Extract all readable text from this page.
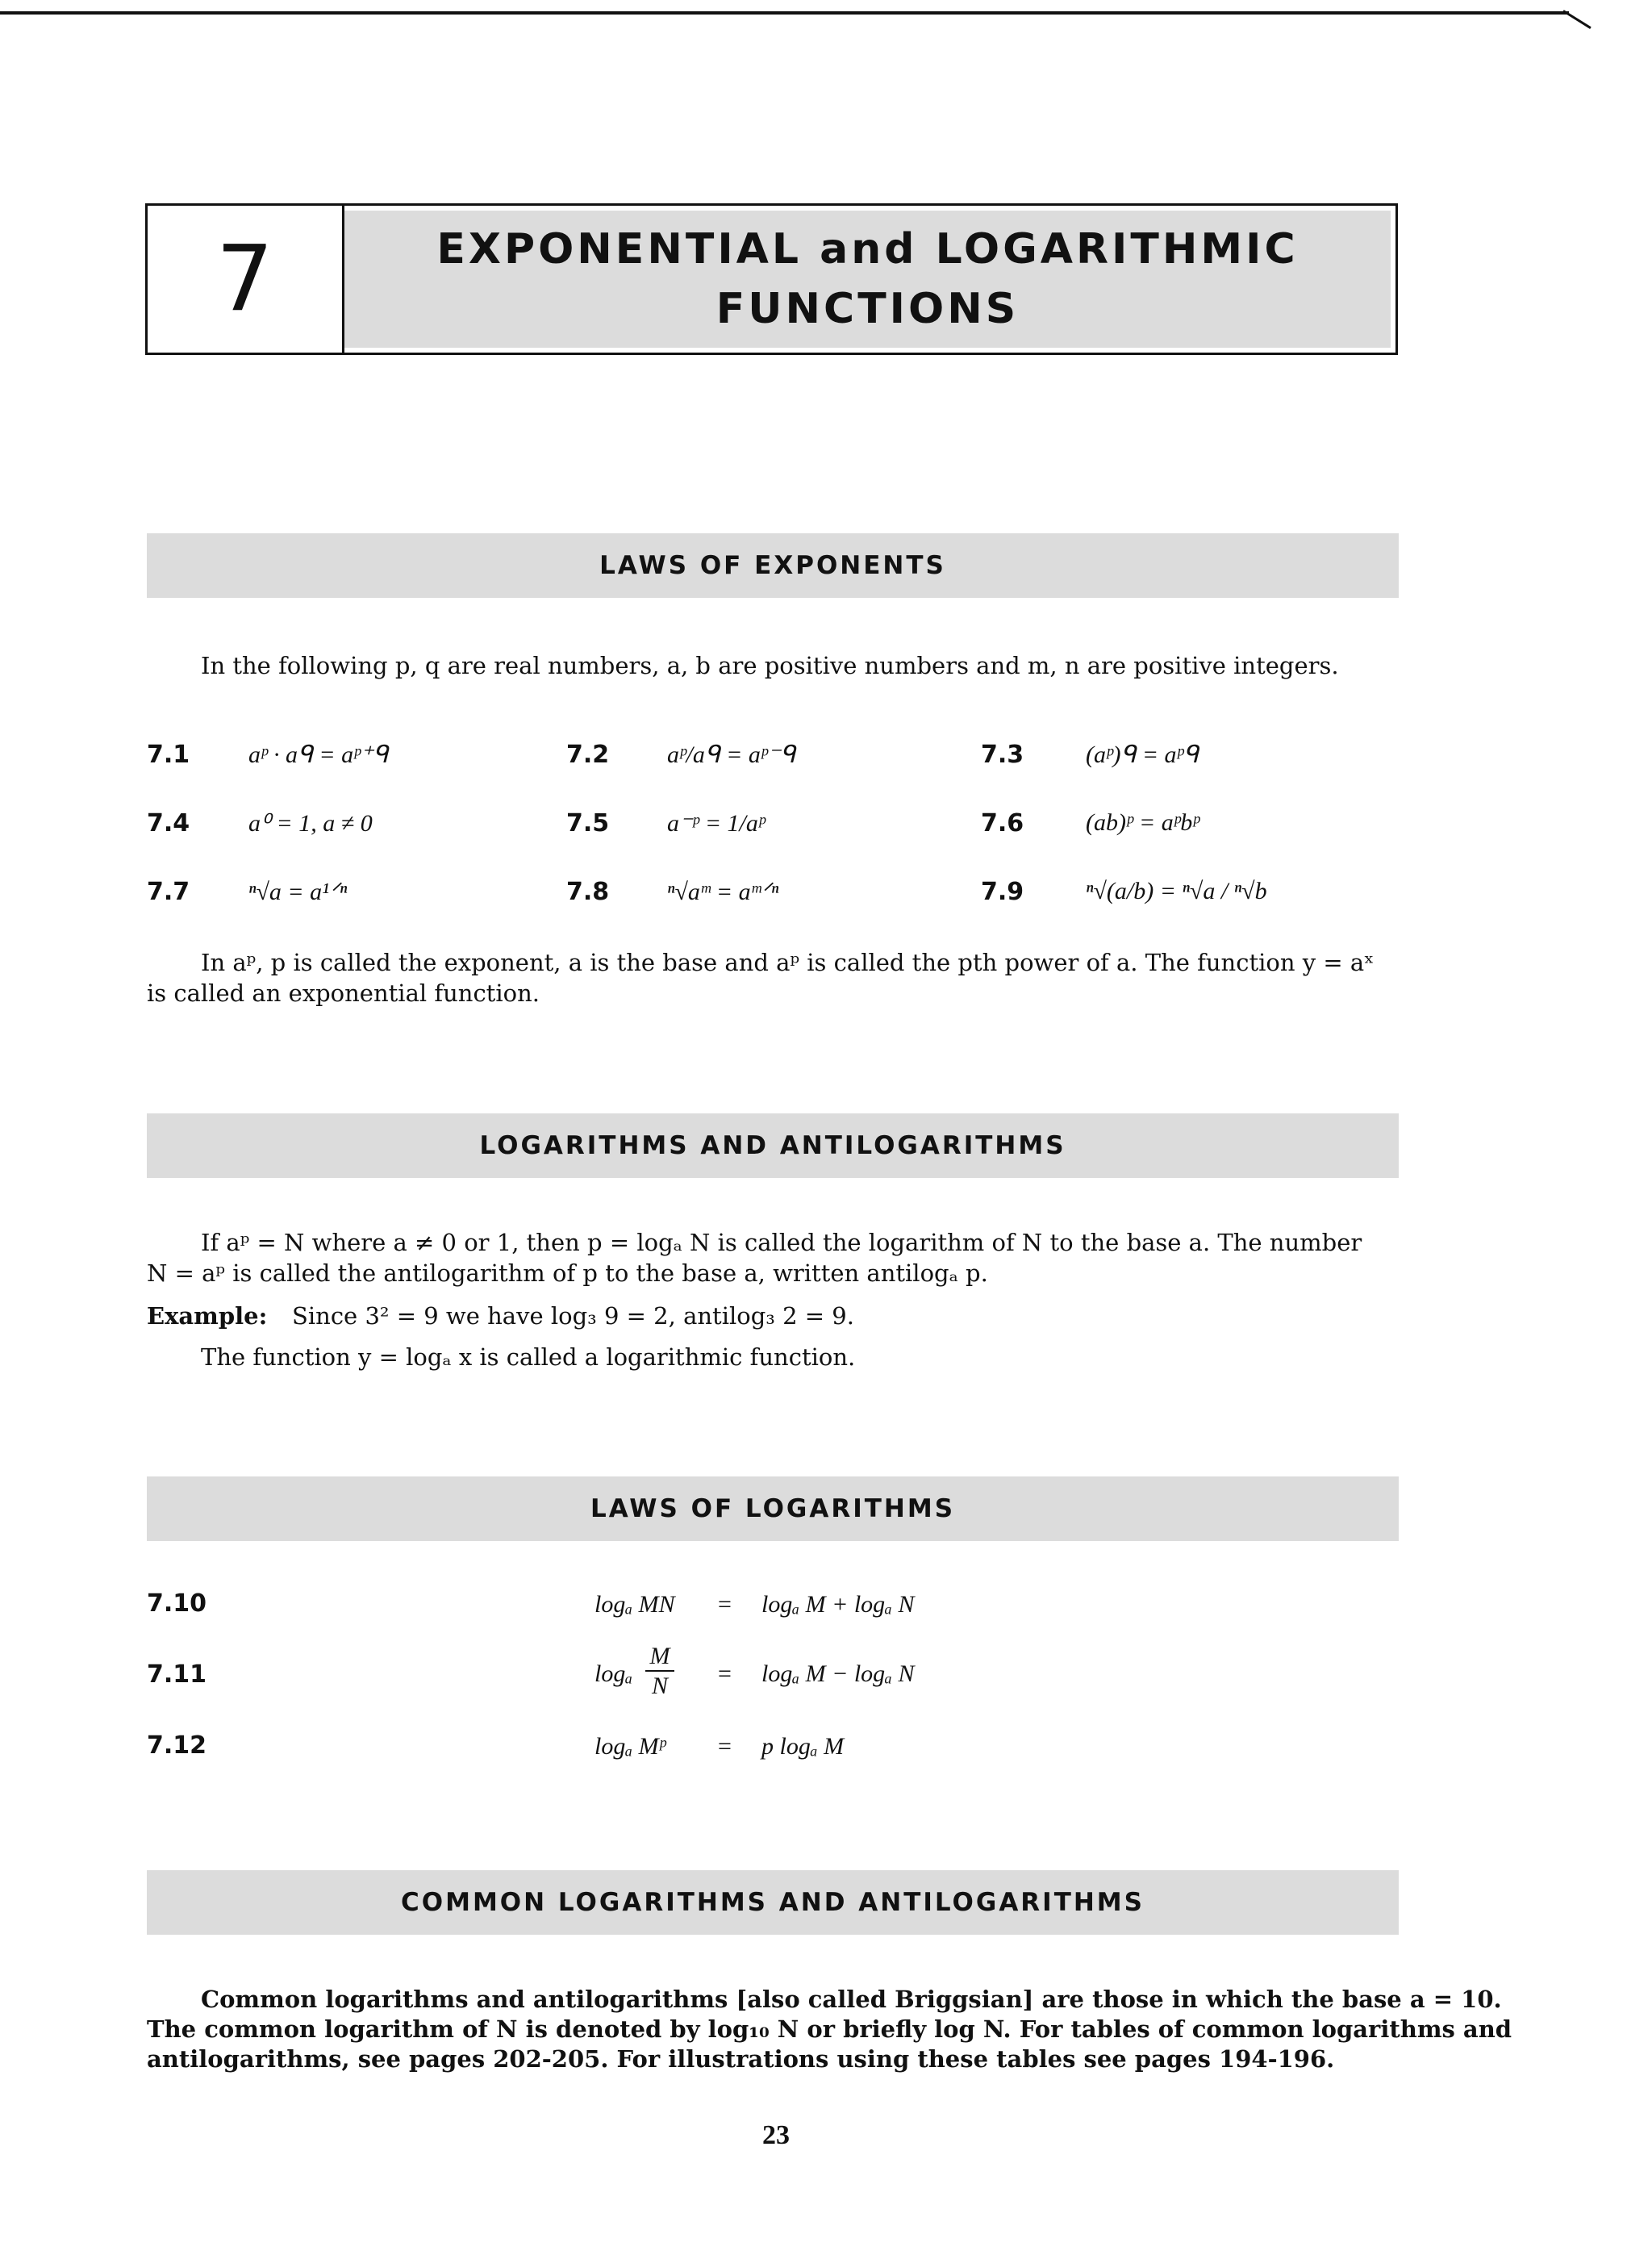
7	EXPONENTIAL and LOGARITHMIC
FUNCTIONS
LAWS OF EXPONENTS
In the following p, q are real numbers, a, b are positive numbers and m, n are positive integers.
7.1 aᵖ · aᑫ = aᵖ⁺ᑫ	7.2 aᵖ/aᑫ = aᵖ⁻ᑫ	7.3	(aᵖ)ᑫ = aᵖᑫ
7.4 a⁰ = 1, a ≠ 0	7.5 a⁻ᵖ = 1/aᵖ	7.6	(ab)ᵖ = aᵖbᵖ
7.7 ⁿ√a = a¹ᐟⁿ	7.8 ⁿ√aᵐ = aᵐᐟⁿ	7.9	ⁿ√(a/b) = ⁿ√a / ⁿ√b
In aᵖ, p is called the exponent, a is the base and aᵖ is called the pth power of a. The function y = aˣ
is called an exponential function.
LOGARITHMS AND ANTILOGARITHMS
If aᵖ = N where a ≠ 0 or 1, then p = logₐ N is called the logarithm of N to the base a. The number
N = aᵖ is called the antilogarithm of p to the base a, written antilogₐ p.
Example: Since 3² = 9 we have log₃ 9 = 2, antilog₃ 2 = 9.
The function y = logₐ x is called a logarithmic function.
LAWS OF LOGARITHMS
7.10	logₐ MN = logₐ M + logₐ N
7.11	logₐ
M
N = logₐ M − logₐ N
7.12	logₐ Mᵖ = p logₐ M
COMMON LOGARITHMS AND ANTILOGARITHMS
Common logarithms and antilogarithms [also called Briggsian] are those in which the base a = 10.
The common logarithm of N is denoted by log₁₀ N or briefly log N. For tables of common logarithms and
antilogarithms, see pages 202-205. For illustrations using these tables see pages 194-196.
23
